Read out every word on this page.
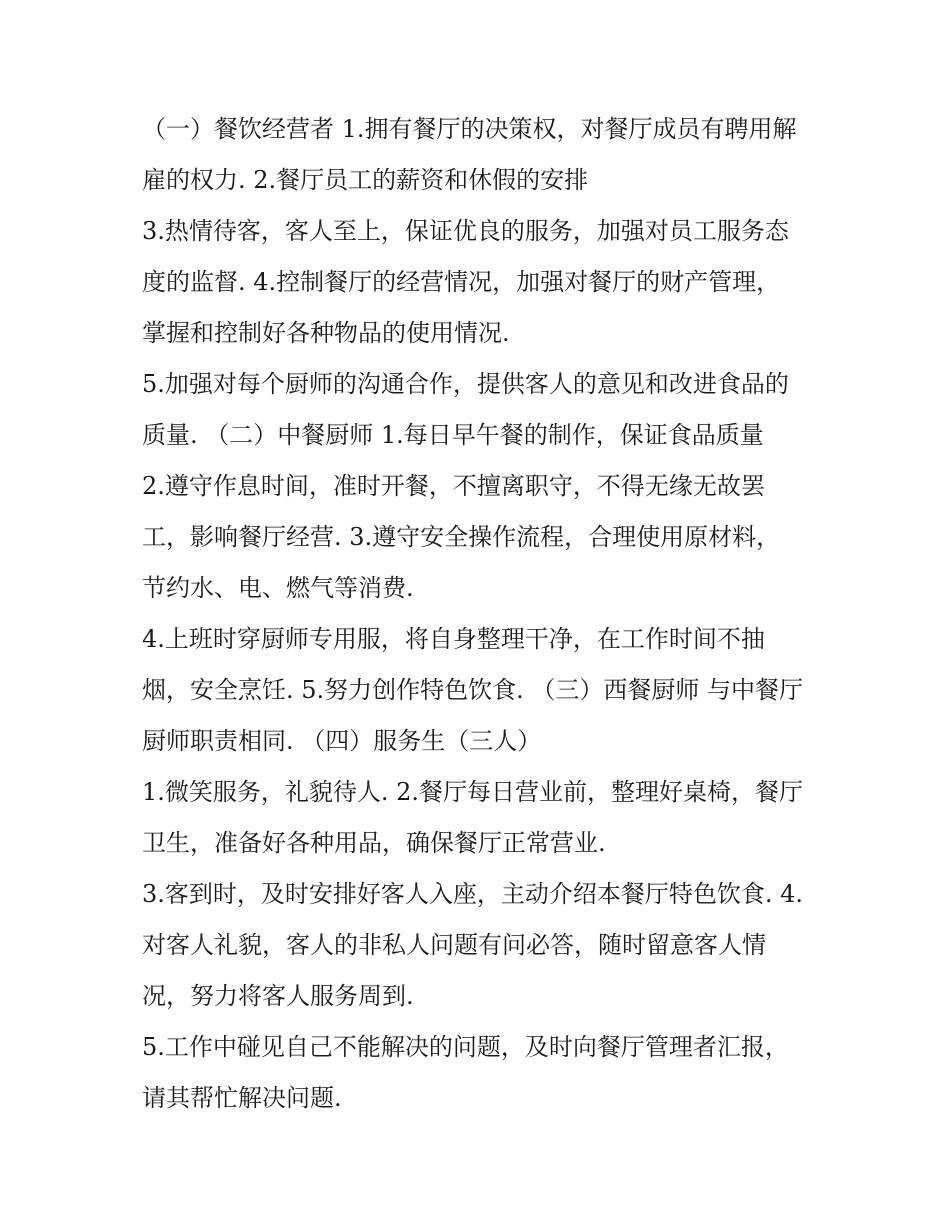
（一）餐饮经营者 1.拥有餐厅的决策权，对餐厅成员有聘用解
雇的权力. 2.餐厅员工的薪资和休假的安排
3.热情待客，客人至上，保证优良的服务，加强对员工服务态
度的监督. 4.控制餐厅的经营情况，加强对餐厅的财产管理，
掌握和控制好各种物品的使用情况.
5.加强对每个厨师的沟通合作，提供客人的意见和改进食品的
质量. （二）中餐厨师 1.每日早午餐的制作，保证食品质量
2.遵守作息时间，准时开餐，不擅离职守，不得无缘无故罢
工，影响餐厅经营. 3.遵守安全操作流程，合理使用原材料，
节约水、电、燃气等消费.
4.上班时穿厨师专用服，将自身整理干净，在工作时间不抽
烟，安全烹饪. 5.努力创作特色饮食. （三）西餐厨师 与中餐厅
厨师职责相同. （四）服务生（三人）
1.微笑服务，礼貌待人. 2.餐厅每日营业前，整理好桌椅，餐厅
卫生，准备好各种用品，确保餐厅正常营业.
3.客到时，及时安排好客人入座，主动介绍本餐厅特色饮食. 4.
对客人礼貌，客人的非私人问题有问必答，随时留意客人情
况，努力将客人服务周到.
5.工作中碰见自己不能解决的问题，及时向餐厅管理者汇报，
请其帮忙解决问题.
